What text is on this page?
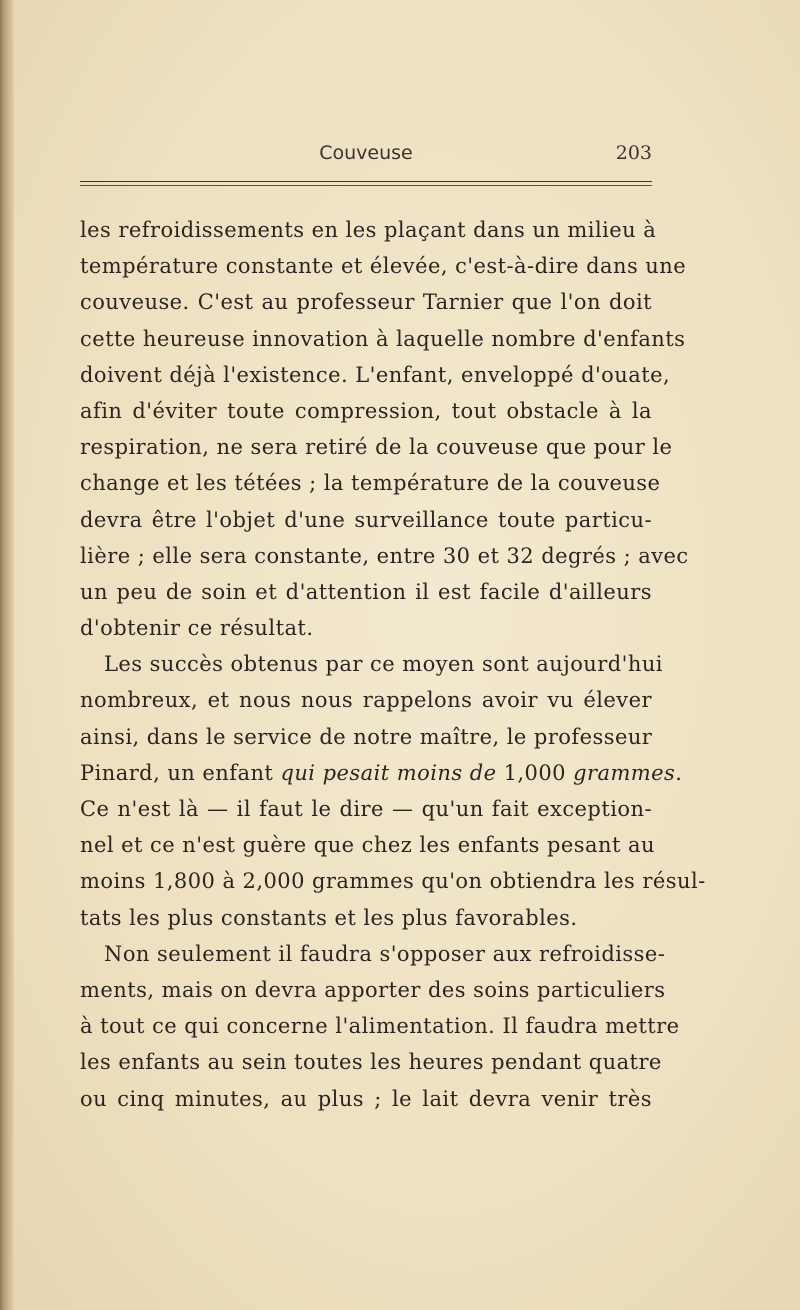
Couveuse	203
les refroidissements en les plaçant dans un milieu à
température constante et élevée, c'est-à-dire dans une
couveuse. C'est au professeur Tarnier que l'on doit
cette heureuse innovation à laquelle nombre d'enfants
doivent déjà l'existence. L'enfant, enveloppé d'ouate,
afin d'éviter toute compression, tout obstacle à la
respiration, ne sera retiré de la couveuse que pour le
change et les tétées ; la température de la couveuse
devra être l'objet d'une surveillance toute particu-
lière ; elle sera constante, entre 30 et 32 degrés ; avec
un peu de soin et d'attention il est facile d'ailleurs
d'obtenir ce résultat.
Les succès obtenus par ce moyen sont aujourd'hui
nombreux, et nous nous rappelons avoir vu élever
ainsi, dans le service de notre maître, le professeur
Pinard, un enfant qui pesait moins de 1,000 grammes.
Ce n'est là — il faut le dire — qu'un fait exception-
nel et ce n'est guère que chez les enfants pesant au
moins 1,800 à 2,000 grammes qu'on obtiendra les résul-
tats les plus constants et les plus favorables.
Non seulement il faudra s'opposer aux refroidisse-
ments, mais on devra apporter des soins particuliers
à tout ce qui concerne l'alimentation. Il faudra mettre
les enfants au sein toutes les heures pendant quatre
ou cinq minutes, au plus ; le lait devra venir très
